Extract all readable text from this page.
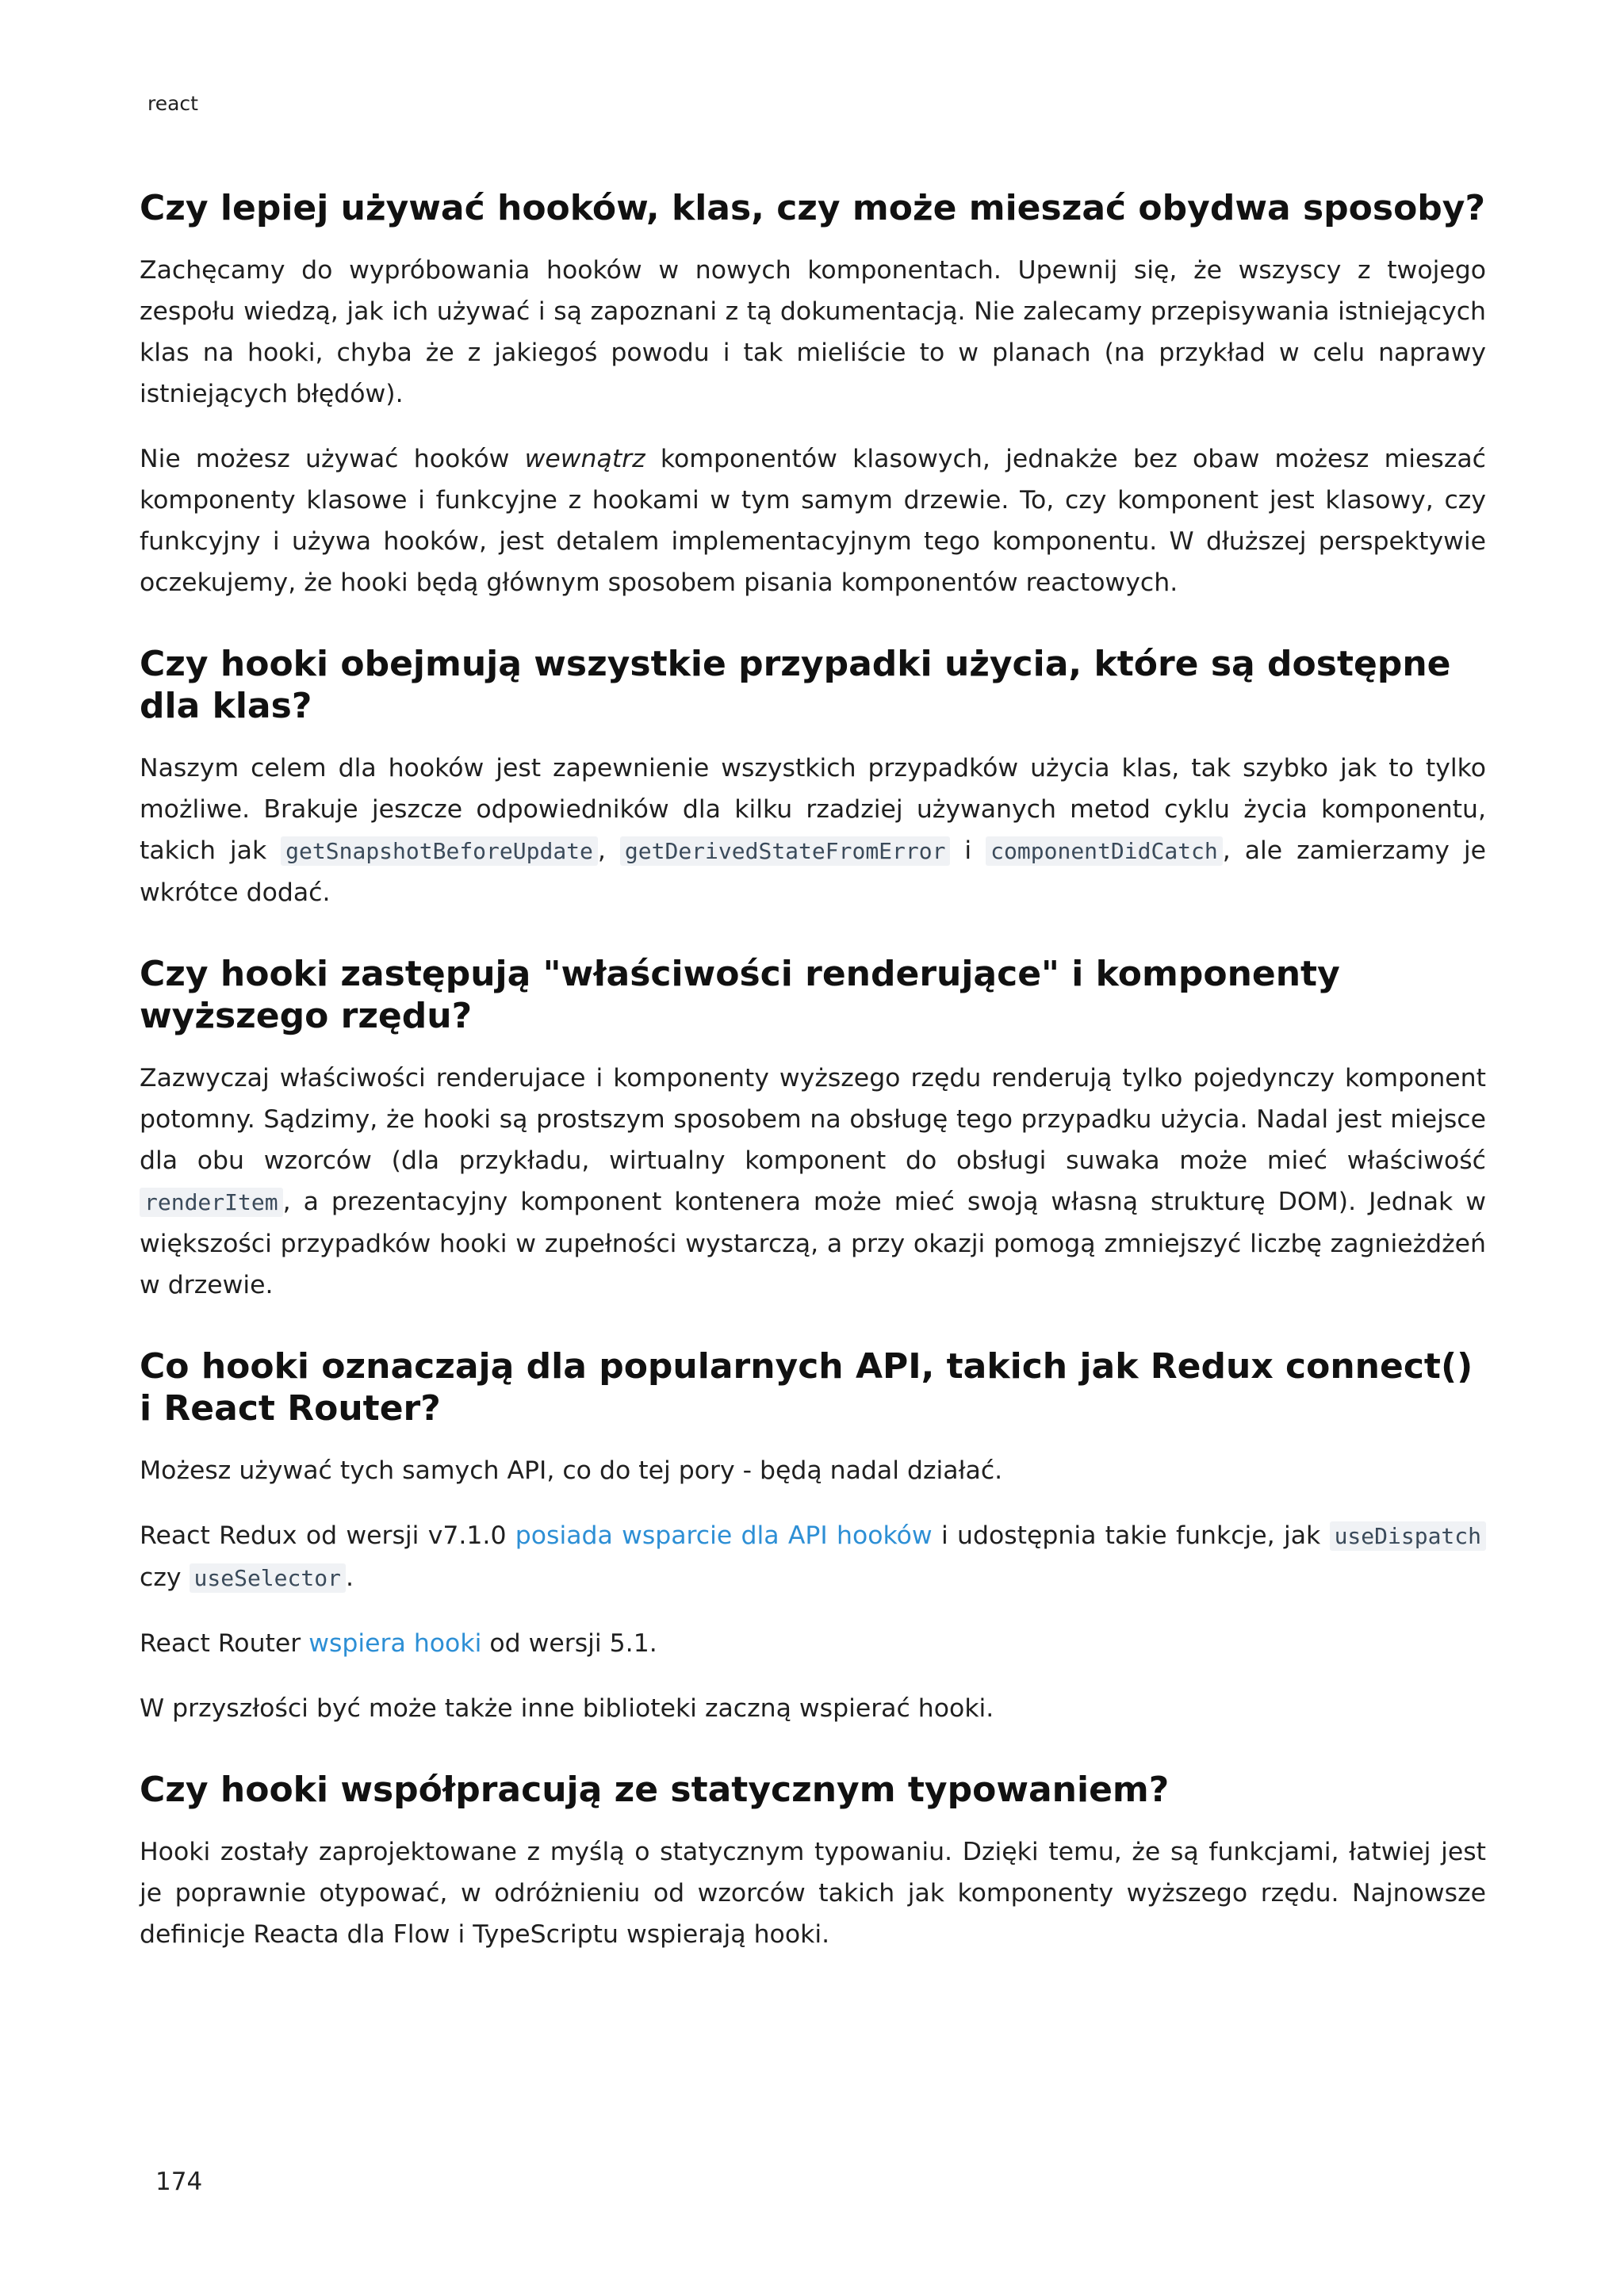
react
Czy lepiej używać hooków, klas, czy może mieszać obydwa sposoby?

Zachęcamy do wypróbowania hooków w nowych komponentach. Upewnij się, że wszyscy z twojego zespołu wiedzą, jak ich używać i są zapoznani z tą dokumentacją. Nie zalecamy przepisywania istniejących klas na hooki, chyba że z jakiegoś powodu i tak mieliście to w planach (na przykład w celu naprawy istniejących błędów).

Nie możesz używać hooków wewnątrz komponentów klasowych, jednakże bez obaw możesz mieszać komponenty klasowe i funkcyjne z hookami w tym samym drzewie. To, czy komponent jest klasowy, czy funkcyjny i używa hooków, jest detalem implementacyjnym tego komponentu. W dłuższej perspektywie oczekujemy, że hooki będą głównym sposobem pisania komponentów reactowych.

Czy hooki obejmują wszystkie przypadki użycia, które są dostępne dla klas?

Naszym celem dla hooków jest zapewnienie wszystkich przypadków użycia klas, tak szybko jak to tylko możliwe. Brakuje jeszcze odpowiedników dla kilku rzadziej używanych metod cyklu życia komponentu, takich jak getSnapshotBeforeUpdate , getDerivedStateFromError i componentDidCatch , ale zamierzamy je wkrótce dodać.

Czy hooki zastępują "właściwości renderujące" i komponenty wyższego rzędu?

Zazwyczaj właściwości renderujace i komponenty wyższego rzędu renderują tylko pojedynczy komponent potomny. Sądzimy, że hooki są prostszym sposobem na obsługę tego przypadku użycia. Nadal jest miejsce dla obu wzorców (dla przykładu, wirtualny komponent do obsługi suwaka może mieć właściwość renderItem , a prezentacyjny komponent kontenera może mieć swoją własną strukturę DOM). Jednak w większości przypadków hooki w zupełności wystarczą, a przy okazji pomogą zmniejszyć liczbę zagnieżdżeń w drzewie.

Co hooki oznaczają dla popularnych API, takich jak Redux connect() i React Router?

Możesz używać tych samych API, co do tej pory - będą nadal działać.

React Redux od wersji v7.1.0 posiada wsparcie dla API hooków i udostępnia takie funkcje, jak useDispatch czy useSelector .

React Router wspiera hooki od wersji 5.1.

W przyszłości być może także inne biblioteki zaczną wspierać hooki.

Czy hooki współpracują ze statycznym typowaniem?

Hooki zostały zaprojektowane z myślą o statycznym typowaniu. Dzięki temu, że są funkcjami, łatwiej jest je poprawnie otypować, w odróżnieniu od wzorców takich jak komponenty wyższego rzędu. Najnowsze definicje Reacta dla Flow i TypeScriptu wspierają hooki.

174
